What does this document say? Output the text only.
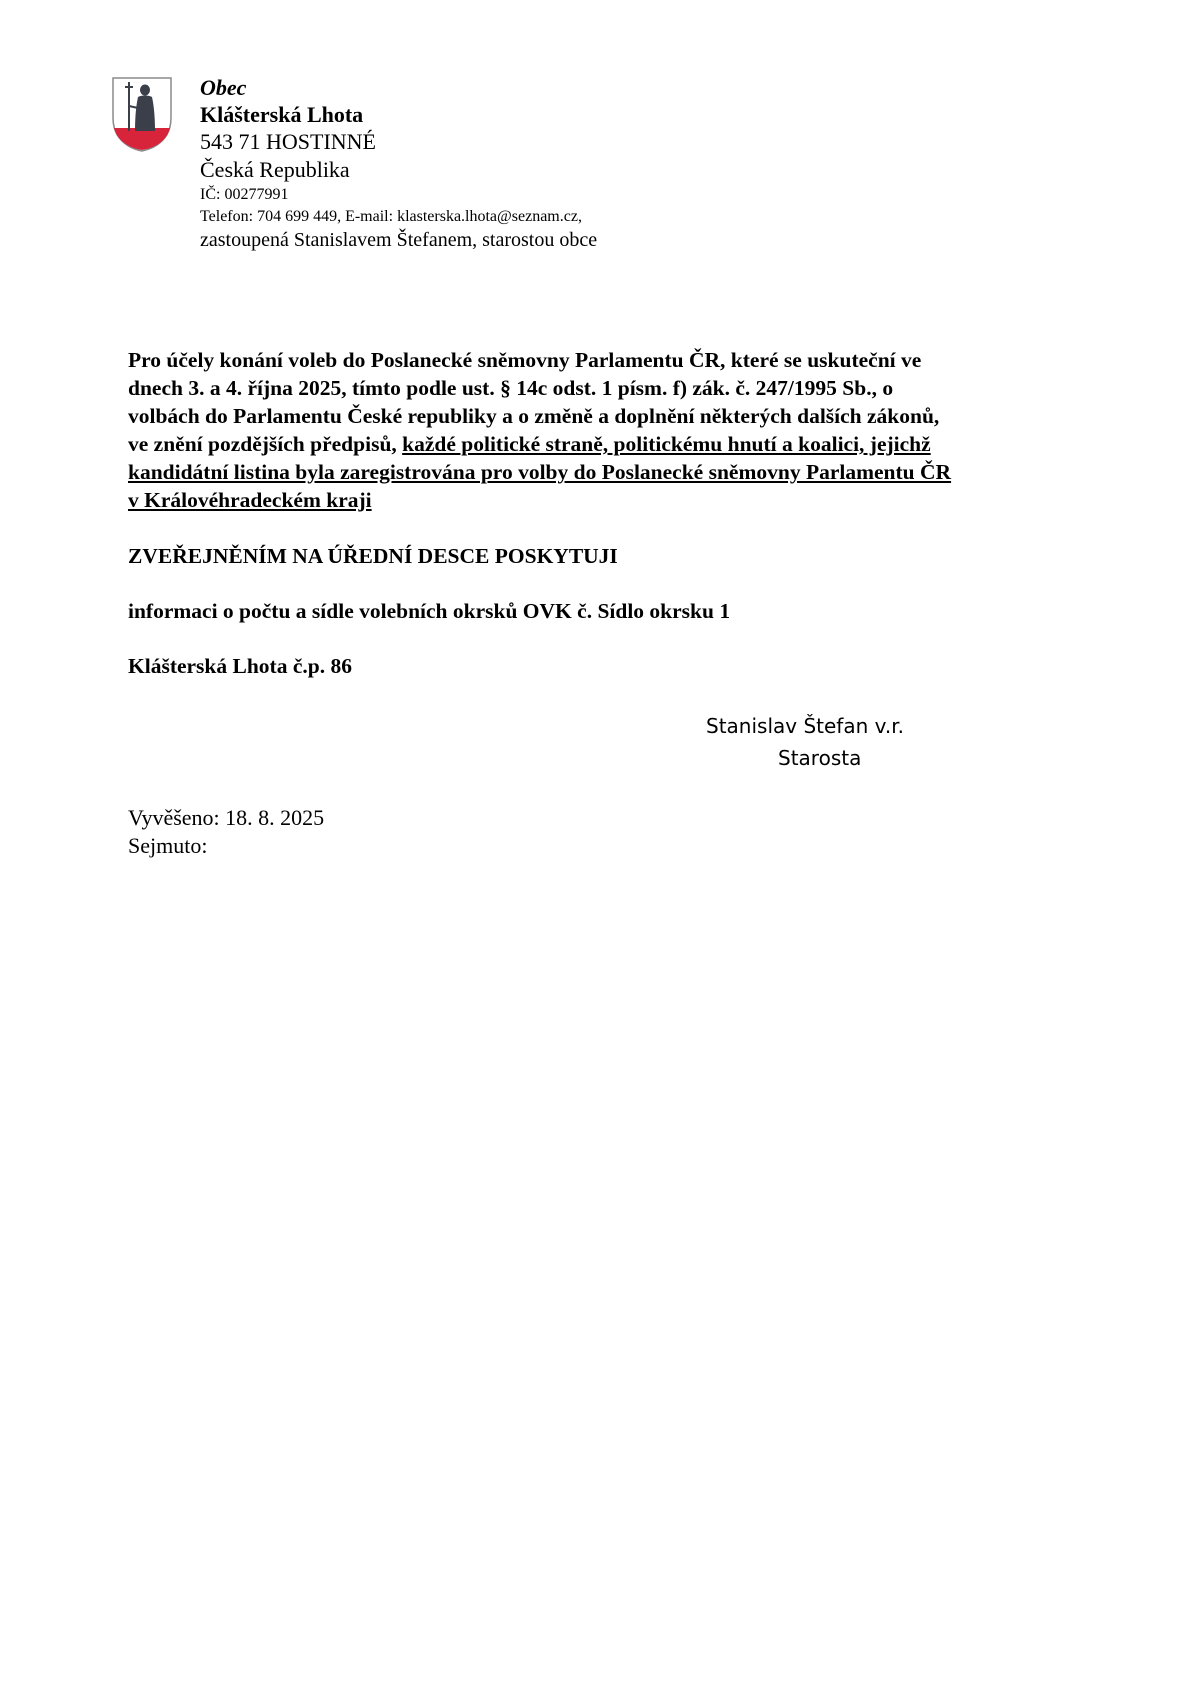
Obec
Klášterská Lhota
543 71 HOSTINNÉ
Česká Republika
IČ: 00277991
Telefon: 704 699 449, E-mail: klasterska.lhota@seznam.cz,
zastoupená Stanislavem Štefanem, starostou obce

Pro účely konání voleb do Poslanecké sněmovny Parlamentu ČR, které se uskuteční ve
dnech 3. a 4. října 2025, tímto podle ust. § 14c odst. 1 písm. f) zák. č. 247/1995 Sb., o
volbách do Parlamentu České republiky a o změně a doplnění některých dalších zákonů,
ve znění pozdějších předpisů, každé politické straně, politickému hnutí a koalici, jejichž
kandidátní listina byla zaregistrována pro volby do Poslanecké sněmovny Parlamentu ČR
v Královéhradeckém kraji

ZVEŘEJNĚNÍM NA ÚŘEDNÍ DESCE POSKYTUJI
informaci o počtu a sídle volebních okrsků OVK č. Sídlo okrsku 1
Klášterská Lhota č.p. 86
Stanislav Štefan v.r.
Starosta
Vyvěšeno: 18. 8. 2025
Sejmuto:
